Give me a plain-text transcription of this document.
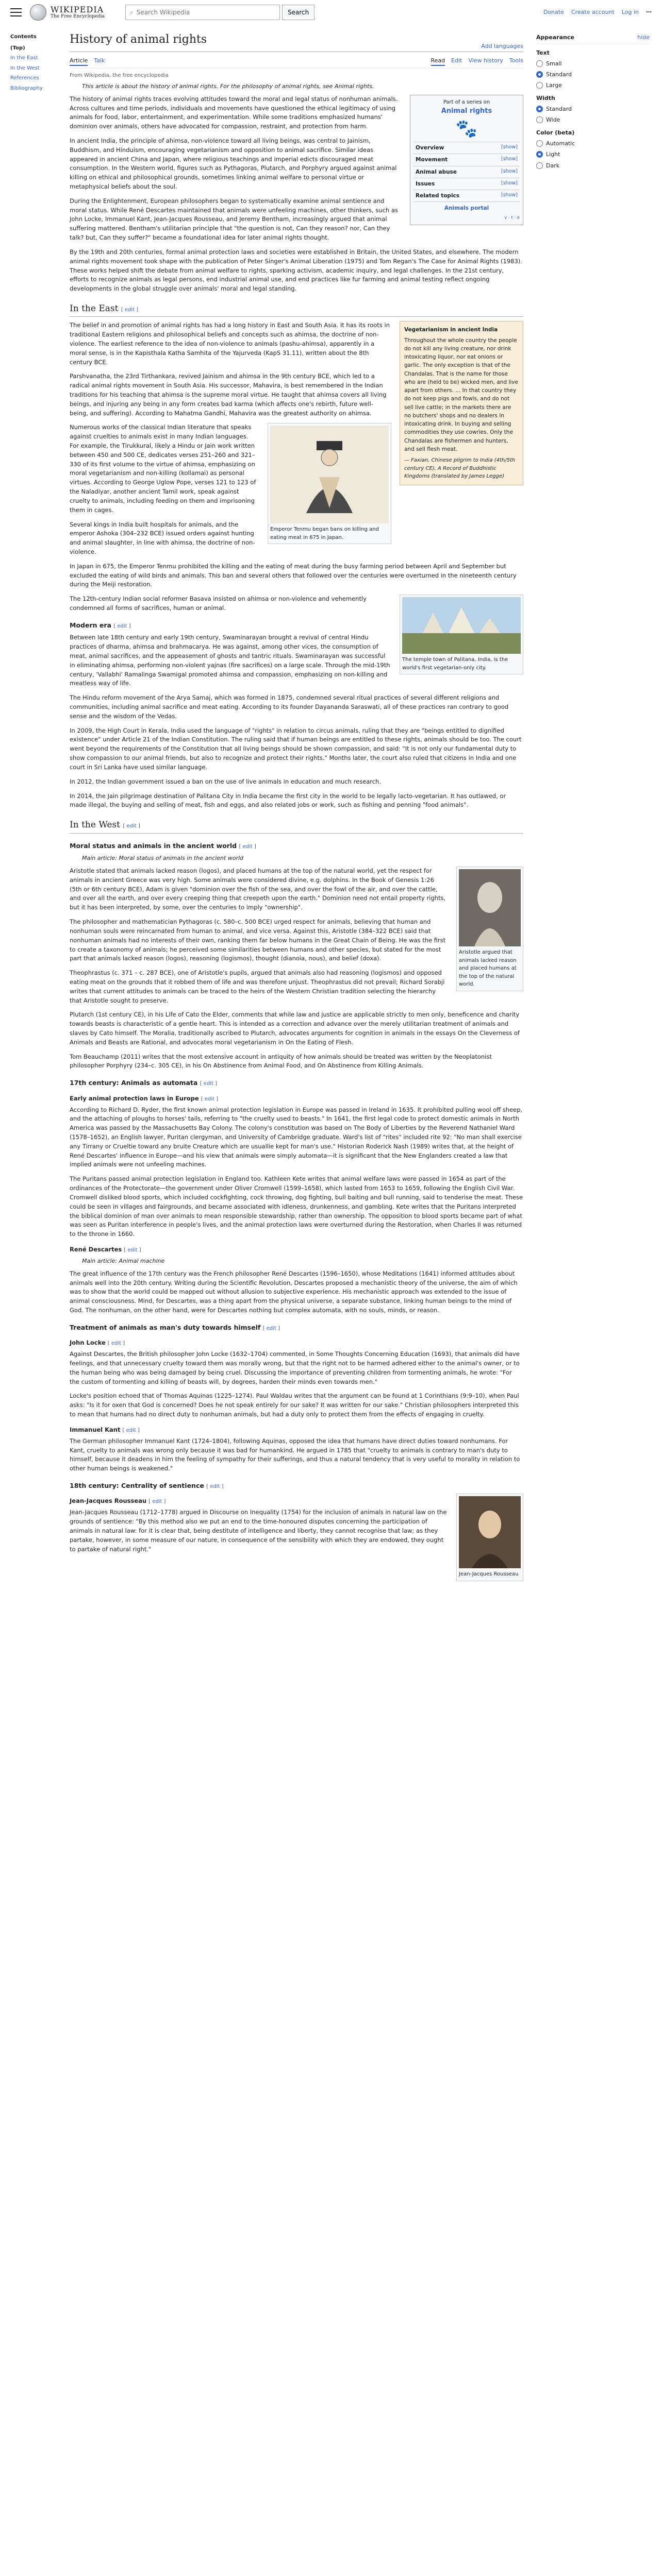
WIKIPEDIA
The Free Encyclopedia
⌕
Search Wikipedia	Search	Donate Create account Log in ⋯
Contents
(Top)
In the East
In the West
References
Bibliography
Appearance	hide
Text
Small
Standard
Large
Width
Standard
Wide
Color (beta)
Automatic
Light
Dark
History of animal rights
Add languages
Article Talk	Read Edit View history Tools
From Wikipedia, the free encyclopedia
This article is about the history of animal rights. For the philosophy of animal rights, see Animal rights.
Part of a series on
Animal rights
🐾
Overview	[show]
Movement	[show]
Animal abuse	[show]
Issues	[show]
Related topics	[show]
Animals portal
v · t · e

The history of animal rights traces evolving attitudes toward the moral and legal status of nonhuman animals. Across cultures and time periods, individuals and movements have questioned the ethical legitimacy of using animals for food, labor, entertainment, and experimentation. While some traditions emphasized humans' dominion over animals, others have advocated for compassion, restraint, and protection from harm.

In ancient India, the principle of ahimsa, non-violence toward all living beings, was central to Jainism, Buddhism, and Hinduism, encouraging vegetarianism and opposition to animal sacrifice. Similar ideas appeared in ancient China and Japan, where religious teachings and imperial edicts discouraged meat consumption. In the Western world, figures such as Pythagoras, Plutarch, and Porphyry argued against animal killing on ethical and philosophical grounds, sometimes linking animal welfare to personal virtue or metaphysical beliefs about the soul.

During the Enlightenment, European philosophers began to systematically examine animal sentience and moral status. While René Descartes maintained that animals were unfeeling machines, other thinkers, such as John Locke, Immanuel Kant, Jean-Jacques Rousseau, and Jeremy Bentham, increasingly argued that animal suffering mattered. Bentham's utilitarian principle that "the question is not, Can they reason? nor, Can they talk? but, Can they suffer?" became a foundational idea for later animal rights thought.

By the 19th and 20th centuries, formal animal protection laws and societies were established in Britain, the United States, and elsewhere. The modern animal rights movement took shape with the publication of Peter Singer's Animal Liberation (1975) and Tom Regan's The Case for Animal Rights (1983). These works helped shift the debate from animal welfare to rights, sparking activism, academic inquiry, and legal challenges. In the 21st century, efforts to recognize animals as legal persons, end industrial animal use, and end practices like fur farming and animal testing reflect ongoing developments in the global struggle over animals' moral and legal standing.

In the East [ edit ]
Vegetarianism in ancient India
Throughout the whole country the people do not kill any living creature, nor drink intoxicating liquor, nor eat onions or garlic. The only exception is that of the Chandalas. That is the name for those who are (held to be) wicked men, and live apart from others. ... In that country they do not keep pigs and fowls, and do not sell live cattle; in the markets there are no butchers' shops and no dealers in intoxicating drink. In buying and selling commodities they use cowries. Only the Chandalas are fishermen and hunters, and sell flesh meat.
— Faxian, Chinese pilgrim to India (4th/5th century CE), A Record of Buddhistic Kingdoms (translated by James Legge)

The belief in and promotion of animal rights has had a long history in East and South Asia. It has its roots in traditional Eastern religions and philosophical beliefs and concepts such as ahimsa, the doctrine of non-violence. The earliest reference to the idea of non-violence to animals (pashu-ahimsa), apparently in a moral sense, is in the Kapisthala Katha Samhita of the Yajurveda (KapS 31.11), written about the 8th century BCE.

Parshvanatha, the 23rd Tirthankara, revived Jainism and ahimsa in the 9th century BCE, which led to a radical animal rights movement in South Asia. His successor, Mahavira, is best remembered in the Indian traditions for his teaching that ahimsa is the supreme moral virtue. He taught that ahimsa covers all living beings, and injuring any being in any form creates bad karma (which affects one's rebirth, future well-being, and suffering). According to Mahatma Gandhi, Mahavira was the greatest authority on ahimsa.

Emperor Tenmu began bans on killing and eating meat in 675 in Japan.

Numerous works of the classical Indian literature that speaks against cruelties to animals exist in many Indian languages. For example, the Tirukkural, likely a Hindu or Jain work written between 450 and 500 CE, dedicates verses 251–260 and 321–330 of its first volume to the virtue of ahimsa, emphasizing on moral vegetarianism and non-killing (kollamai) as personal virtues. According to George Uglow Pope, verses 121 to 123 of the Naladiyar, another ancient Tamil work, speak against cruelty to animals, including feeding on them and imprisoning them in cages.

Several kings in India built hospitals for animals, and the emperor Ashoka (304–232 BCE) issued orders against hunting and animal slaughter, in line with ahimsa, the doctrine of non-violence.

In Japan in 675, the Emperor Tenmu prohibited the killing and the eating of meat during the busy farming period between April and September but excluded the eating of wild birds and animals. This ban and several others that followed over the centuries were overturned in the nineteenth century during the Meiji restoration.

The temple town of Palitana, India, is the world's first vegetarian-only city.

The 12th-century Indian social reformer Basava insisted on ahimsa or non-violence and vehemently condemned all forms of sacrifices, human or animal.

Modern era [ edit ]

Between late 18th century and early 19th century, Swaminarayan brought a revival of central Hindu practices of dharma, ahimsa and brahmacarya. He was against, among other vices, the consumption of meat, animal sacrifices, and the appeasement of ghosts and tantric rituals. Swaminarayan was successful in eliminating ahimsa, performing non-violent yajnas (fire sacrifices) on a large scale. Through the mid-19th century, 'Vallabhi' Ramalinga Swamigal promoted ahimsa and compassion, emphasizing on non-killing and meatless way of life.

The Hindu reform movement of the Arya Samaj, which was formed in 1875, condemned several ritual practices of several different religions and communities, including animal sacrifice and meat eating. According to its founder Dayananda Saraswati, all of these practices ran contrary to good sense and the wisdom of the Vedas.

In 2009, the High Court in Kerala, India used the language of "rights" in relation to circus animals, ruling that they are "beings entitled to dignified existence" under Article 21 of the Indian Constitution. The ruling said that if human beings are entitled to these rights, animals should be too. The court went beyond the requirements of the Constitution that all living beings should be shown compassion, and said: "It is not only our fundamental duty to show compassion to our animal friends, but also to recognize and protect their rights." Months later, the court also ruled that citizens in India and one court in Sri Lanka have used similar language.

In 2012, the Indian government issued a ban on the use of live animals in education and much research.

In 2014, the Jain pilgrimage destination of Palitana City in India became the first city in the world to be legally lacto-vegetarian. It has outlawed, or made illegal, the buying and selling of meat, fish and eggs, and also related jobs or work, such as fishing and penning "food animals".

In the West [ edit ]
Moral status and animals in the ancient world [ edit ]
Main article: Moral status of animals in the ancient world
Aristotle argued that animals lacked reason and placed humans at the top of the natural world.

Aristotle stated that animals lacked reason (logos), and placed humans at the top of the natural world, yet the respect for animals in ancient Greece was very high. Some animals were considered divine, e.g. dolphins. In the Book of Genesis 1:26 (5th or 6th century BCE), Adam is given "dominion over the fish of the sea, and over the fowl of the air, and over the cattle, and over all the earth, and over every creeping thing that creepeth upon the earth." Dominion need not entail property rights, but it has been interpreted, by some, over the centuries to imply "ownership".

The philosopher and mathematician Pythagoras (c. 580–c. 500 BCE) urged respect for animals, believing that human and nonhuman souls were reincarnated from human to animal, and vice versa. Against this, Aristotle (384–322 BCE) said that nonhuman animals had no interests of their own, ranking them far below humans in the Great Chain of Being. He was the first to create a taxonomy of animals; he perceived some similarities between humans and other species, but stated for the most part that animals lacked reason (logos), reasoning (logismos), thought (dianoia, nous), and belief (doxa).

Theophrastus (c. 371 – c. 287 BCE), one of Aristotle's pupils, argued that animals also had reasoning (logismos) and opposed eating meat on the grounds that it robbed them of life and was therefore unjust. Theophrastus did not prevail; Richard Sorabji writes that current attitudes to animals can be traced to the heirs of the Western Christian tradition selecting the hierarchy that Aristotle sought to preserve.

Plutarch (1st century CE), in his Life of Cato the Elder, comments that while law and justice are applicable strictly to men only, beneficence and charity towards beasts is characteristic of a gentle heart. This is intended as a correction and advance over the merely utilitarian treatment of animals and slaves by Cato himself. The Moralia, traditionally ascribed to Plutarch, advocates arguments for cognition in animals in the essays On the Cleverness of Animals and Beasts are Rational, and advocates moral vegetarianism in On the Eating of Flesh.

Tom Beauchamp (2011) writes that the most extensive account in antiquity of how animals should be treated was written by the Neoplatonist philosopher Porphyry (234–c. 305 CE), in his On Abstinence from Animal Food, and On Abstinence from Killing Animals.

17th century: Animals as automata [ edit ]
Early animal protection laws in Europe [ edit ]

According to Richard D. Ryder, the first known animal protection legislation in Europe was passed in Ireland in 1635. It prohibited pulling wool off sheep, and the attaching of ploughs to horses' tails, referring to "the cruelty used to beasts." In 1641, the first legal code to protect domestic animals in North America was passed by the Massachusetts Bay Colony. The colony's constitution was based on The Body of Liberties by the Reverend Nathaniel Ward (1578–1652), an English lawyer, Puritan clergyman, and University of Cambridge graduate. Ward's list of "rites" included rite 92: "No man shall exercise any Tirrany or Crueltie toward any bruite Creature which are usuallie kept for man's use." Historian Roderick Nash (1989) writes that, at the height of René Descartes' influence in Europe—and his view that animals were simply automata—it is significant that the New Englanders created a law that implied animals were not unfeeling machines.

The Puritans passed animal protection legislation in England too. Kathleen Kete writes that animal welfare laws were passed in 1654 as part of the ordinances of the Protectorate—the government under Oliver Cromwell (1599–1658), which lasted from 1653 to 1659, following the English Civil War. Cromwell disliked blood sports, which included cockfighting, cock throwing, dog fighting, bull baiting and bull running, said to tenderise the meat. These could be seen in villages and fairgrounds, and became associated with idleness, drunkenness, and gambling. Kete writes that the Puritans interpreted the biblical dominion of man over animals to mean responsible stewardship, rather than ownership. The opposition to blood sports became part of what was seen as Puritan interference in people's lives, and the animal protection laws were overturned during the Restoration, when Charles II was returned to the throne in 1660.

René Descartes [ edit ]
Main article: Animal machine

The great influence of the 17th century was the French philosopher René Descartes (1596–1650), whose Meditations (1641) informed attitudes about animals well into the 20th century. Writing during the Scientific Revolution, Descartes proposed a mechanistic theory of the universe, the aim of which was to show that the world could be mapped out without allusion to subjective experience. His mechanistic approach was extended to the issue of animal consciousness. Mind, for Descartes, was a thing apart from the physical universe, a separate substance, linking human beings to the mind of God. The nonhuman, on the other hand, were for Descartes nothing but complex automata, with no souls, minds, or reason.

Treatment of animals as man's duty towards himself [ edit ]
John Locke [ edit ]

Against Descartes, the British philosopher John Locke (1632–1704) commented, in Some Thoughts Concerning Education (1693), that animals did have feelings, and that unnecessary cruelty toward them was morally wrong, but that the right not to be harmed adhered either to the animal's owner, or to the human being who was being damaged by being cruel. Discussing the importance of preventing children from tormenting animals, he wrote: "For the custom of tormenting and killing of beasts will, by degrees, harden their minds even towards men."

Locke's position echoed that of Thomas Aquinas (1225–1274). Paul Waldau writes that the argument can be found at 1 Corinthians (9:9–10), when Paul asks: "Is it for oxen that God is concerned? Does he not speak entirely for our sake? It was written for our sake." Christian philosophers interpreted this to mean that humans had no direct duty to nonhuman animals, but had a duty only to protect them from the effects of engaging in cruelty.

Immanuel Kant [ edit ]

The German philosopher Immanuel Kant (1724–1804), following Aquinas, opposed the idea that humans have direct duties toward nonhumans. For Kant, cruelty to animals was wrong only because it was bad for humankind. He argued in 1785 that "cruelty to animals is contrary to man's duty to himself, because it deadens in him the feeling of sympathy for their sufferings, and thus a natural tendency that is very useful to morality in relation to other human beings is weakened."

18th century: Centrality of sentience [ edit ]
Jean-Jacques Rousseau
Jean-Jacques Rousseau [ edit ]

Jean-Jacques Rousseau (1712–1778) argued in Discourse on Inequality (1754) for the inclusion of animals in natural law on the grounds of sentience: "By this method also we put an end to the time-honoured disputes concerning the participation of animals in natural law: for it is clear that, being destitute of intelligence and liberty, they cannot recognise that law; as they partake, however, in some measure of our nature, in consequence of the sensibility with which they are endowed, they ought to partake of natural right."
